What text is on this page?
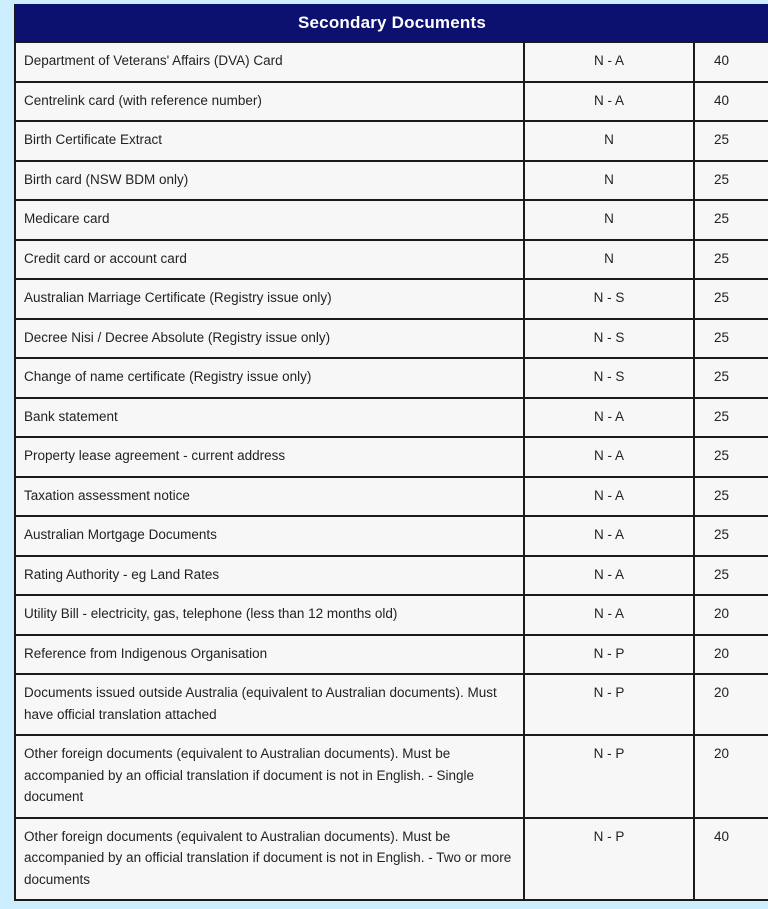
Secondary Documents
Department of Veterans' Affairs (DVA) Card	N - A	40
Centrelink card (with reference number)	N - A	40
Birth Certificate Extract	N	25
Birth card (NSW BDM only)	N	25
Medicare card	N	25
Credit card or account card	N	25
Australian Marriage Certificate (Registry issue only)	N - S	25
Decree Nisi / Decree Absolute (Registry issue only)	N - S	25
Change of name certificate (Registry issue only)	N - S	25
Bank statement	N - A	25
Property lease agreement - current address	N - A	25
Taxation assessment notice	N - A	25
Australian Mortgage Documents	N - A	25
Rating Authority - eg Land Rates	N - A	25
Utility Bill - electricity, gas, telephone (less than 12 months old)	N - A	20
Reference from Indigenous Organisation	N - P	20
Documents issued outside Australia (equivalent to Australian documents). Must have official translation attached	N - P	20
Other foreign documents (equivalent to Australian documents). Must be accompanied by an official translation if document is not in English. - Single document	N - P	20
Other foreign documents (equivalent to Australian documents). Must be accompanied by an official translation if document is not in English. - Two or more documents	N - P	40
